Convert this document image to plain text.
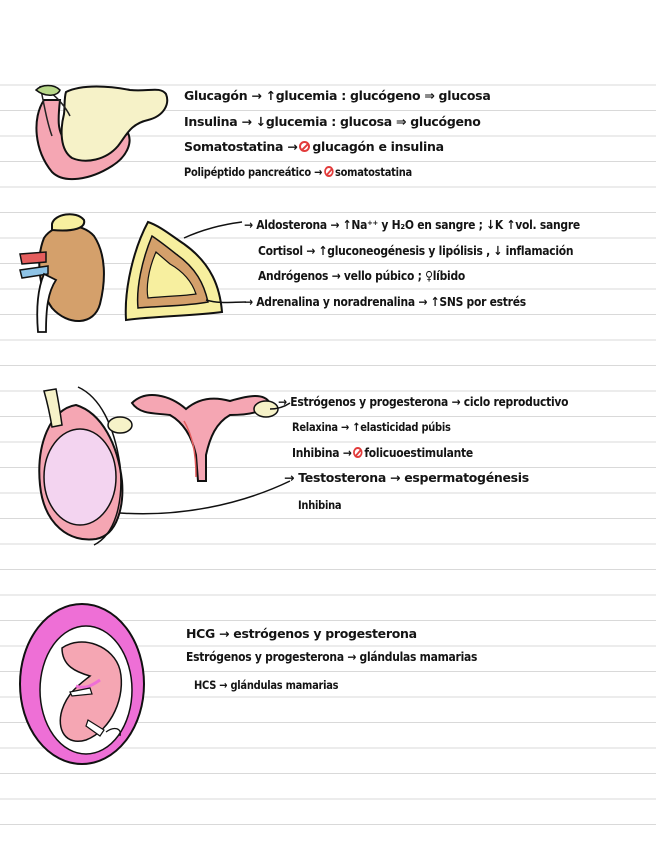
Glucagón → ↑glucemia : glucógeno ⇒ glucosa
Insulina → ↓glucemia : glucosa ⇒ glucógeno
Somatostatina → glucagón e insulina
Polipéptido pancreático → somatostatina
→ Aldosterona → ↑Na⁺⁺ y H₂O en sangre ; ↓K ↑vol. sangre
Cortisol → ↑gluconeogénesis y lipólisis , ↓ inflamación
Andrógenos → vello púbico ; ♀líbido
→ Adrenalina y noradrenalina → ↑SNS por estrés
→ Estrógenos y progesterona → ciclo reproductivo
Relaxina → ↑elasticidad púbis
Inhibina → folicuoestimulante
→ Testosterona → espermatogénesis
Inhibina
HCG → estrógenos y progesterona
Estrógenos y progesterona → glándulas mamarias
HCS → glándulas mamarias
